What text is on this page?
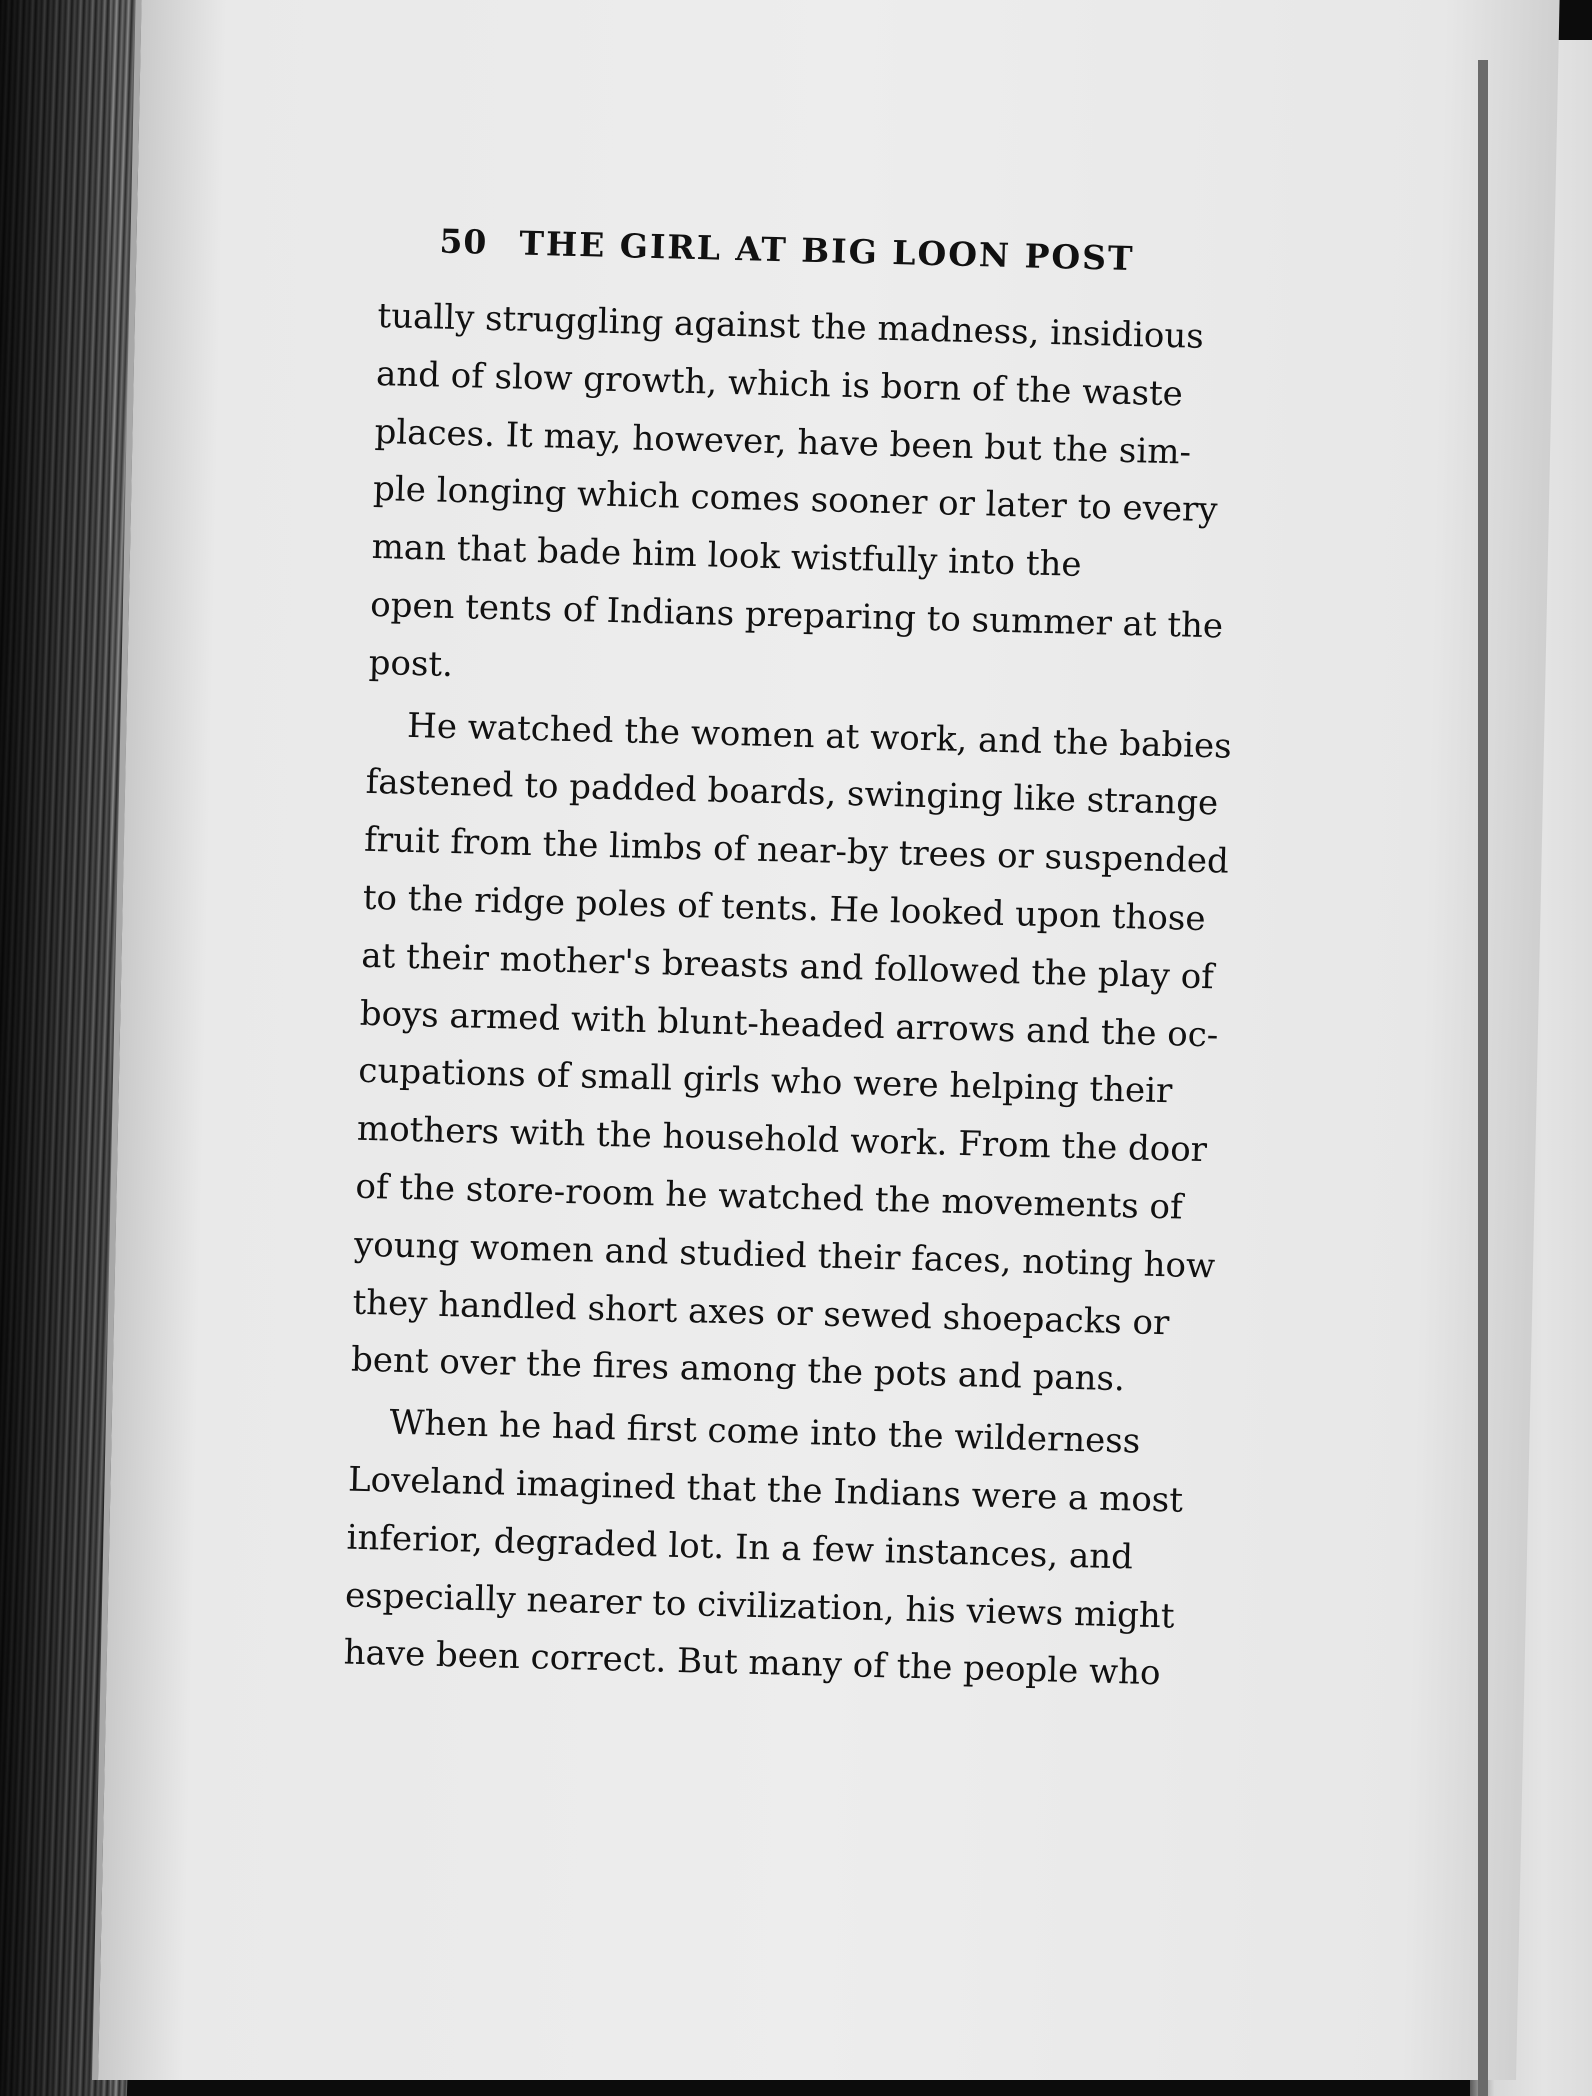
50 THE GIRL AT BIG LOON POST
tually struggling against the madness, insidious
and of slow growth, which is born of the waste
places. It may, however, have been but the sim-
ple longing which comes sooner or later to every
man that bade him look wistfully into the
open tents of Indians preparing to summer at the
post.
He watched the women at work, and the babies
fastened to padded boards, swinging like strange
fruit from the limbs of near-by trees or suspended
to the ridge poles of tents. He looked upon those
at their mother's breasts and followed the play of
boys armed with blunt-headed arrows and the oc-
cupations of small girls who were helping their
mothers with the household work. From the door
of the store-room he watched the movements of
young women and studied their faces, noting how
they handled short axes or sewed shoepacks or
bent over the fires among the pots and pans.
When he had first come into the wilderness
Loveland imagined that the Indians were a most
inferior, degraded lot. In a few instances, and
especially nearer to civilization, his views might
have been correct. But many of the people who
